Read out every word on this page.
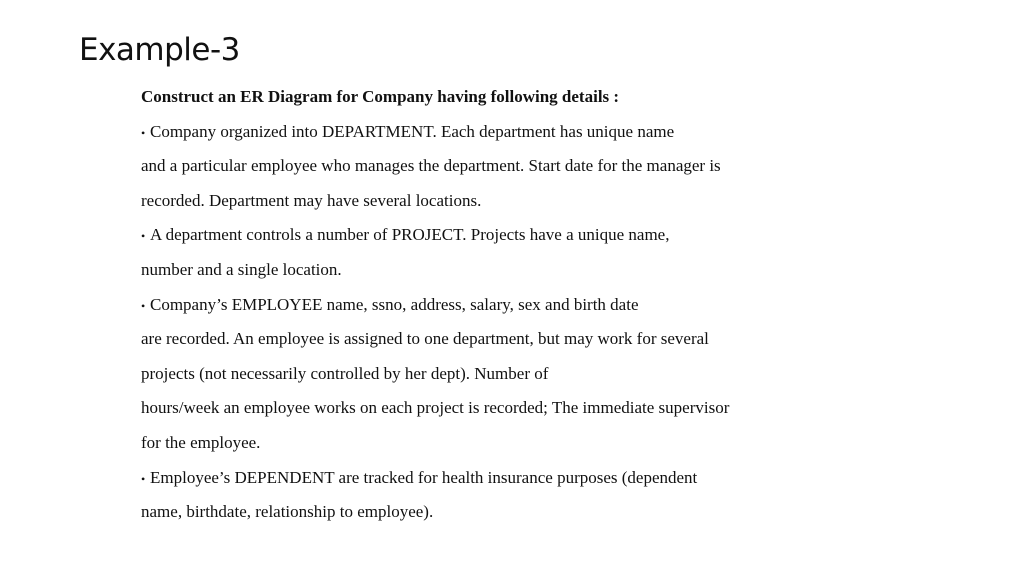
Example-3
Construct an ER Diagram for Company having following details :
• Company organized into DEPARTMENT. Each department has unique name
and a particular employee who manages the department. Start date for the manager is
recorded. Department may have several locations.
• A department controls a number of PROJECT. Projects have a unique name,
number and a single location.
• Company’s EMPLOYEE name, ssno, address, salary, sex and birth date
are recorded. An employee is assigned to one department, but may work for several
projects (not necessarily controlled by her dept). Number of
hours/week an employee works on each project is recorded; The immediate supervisor
for the employee.
• Employee’s DEPENDENT are tracked for health insurance purposes (dependent
name, birthdate, relationship to employee).
